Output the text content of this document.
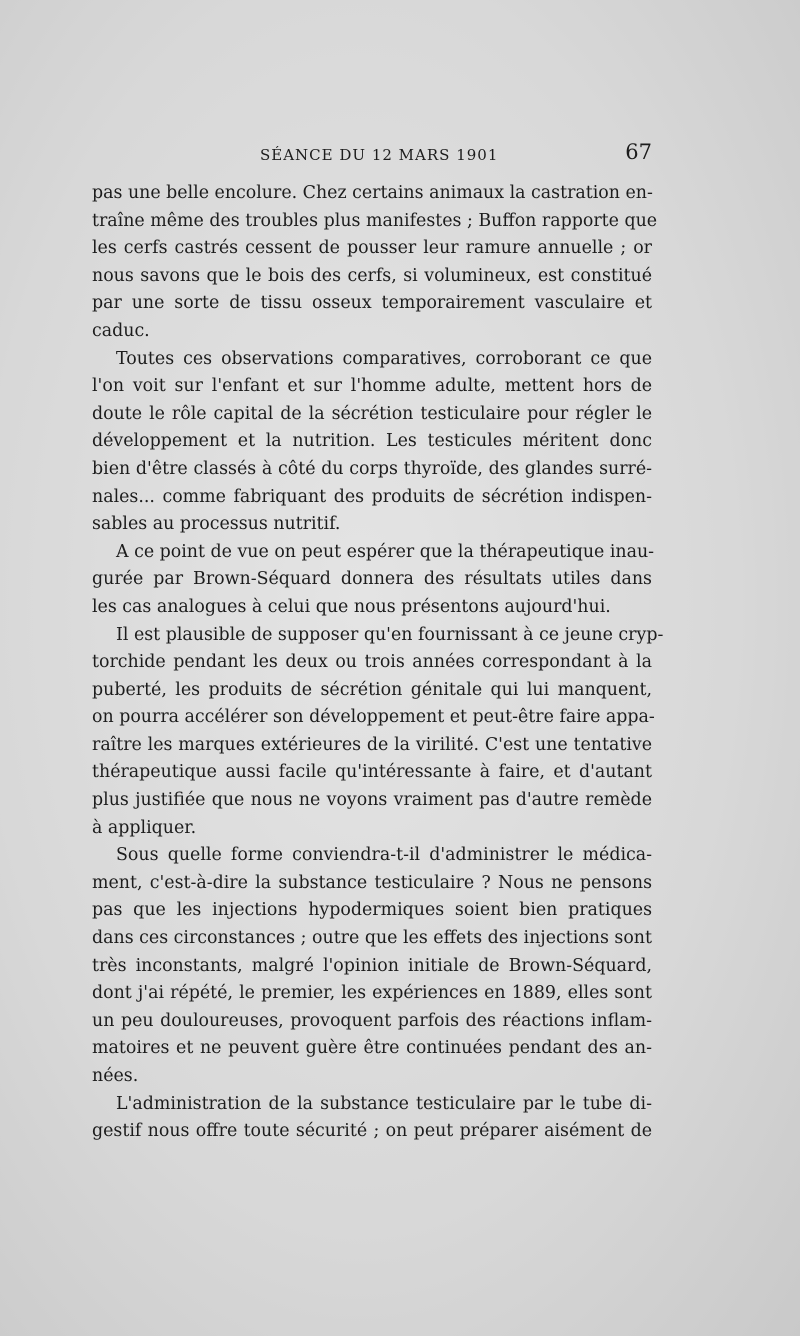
SÉANCE DU 12 MARS 1901	67
pas une belle encolure. Chez certains animaux la castration en-
traîne même des troubles plus manifestes ; Buffon rapporte que
les cerfs castrés cessent de pousser leur ramure annuelle ; or
nous savons que le bois des cerfs, si volumineux, est constitué
par une sorte de tissu osseux temporairement vasculaire et
caduc.
Toutes ces observations comparatives, corroborant ce que
l'on voit sur l'enfant et sur l'homme adulte, mettent hors de
doute le rôle capital de la sécrétion testiculaire pour régler le
développement et la nutrition. Les testicules méritent donc
bien d'être classés à côté du corps thyroïde, des glandes surré-
nales... comme fabriquant des produits de sécrétion indispen-
sables au processus nutritif.
A ce point de vue on peut espérer que la thérapeutique inau-
gurée par Brown-Séquard donnera des résultats utiles dans
les cas analogues à celui que nous présentons aujourd'hui.
Il est plausible de supposer qu'en fournissant à ce jeune cryp-
torchide pendant les deux ou trois années correspondant à la
puberté, les produits de sécrétion génitale qui lui manquent,
on pourra accélérer son développement et peut-être faire appa-
raître les marques extérieures de la virilité. C'est une tentative
thérapeutique aussi facile qu'intéressante à faire, et d'autant
plus justifiée que nous ne voyons vraiment pas d'autre remède
à appliquer.
Sous quelle forme conviendra-t-il d'administrer le médica-
ment, c'est-à-dire la substance testiculaire ? Nous ne pensons
pas que les injections hypodermiques soient bien pratiques
dans ces circonstances ; outre que les effets des injections sont
très inconstants, malgré l'opinion initiale de Brown-Séquard,
dont j'ai répété, le premier, les expériences en 1889, elles sont
un peu douloureuses, provoquent parfois des réactions inflam-
matoires et ne peuvent guère être continuées pendant des an-
nées.
L'administration de la substance testiculaire par le tube di-
gestif nous offre toute sécurité ; on peut préparer aisément de
